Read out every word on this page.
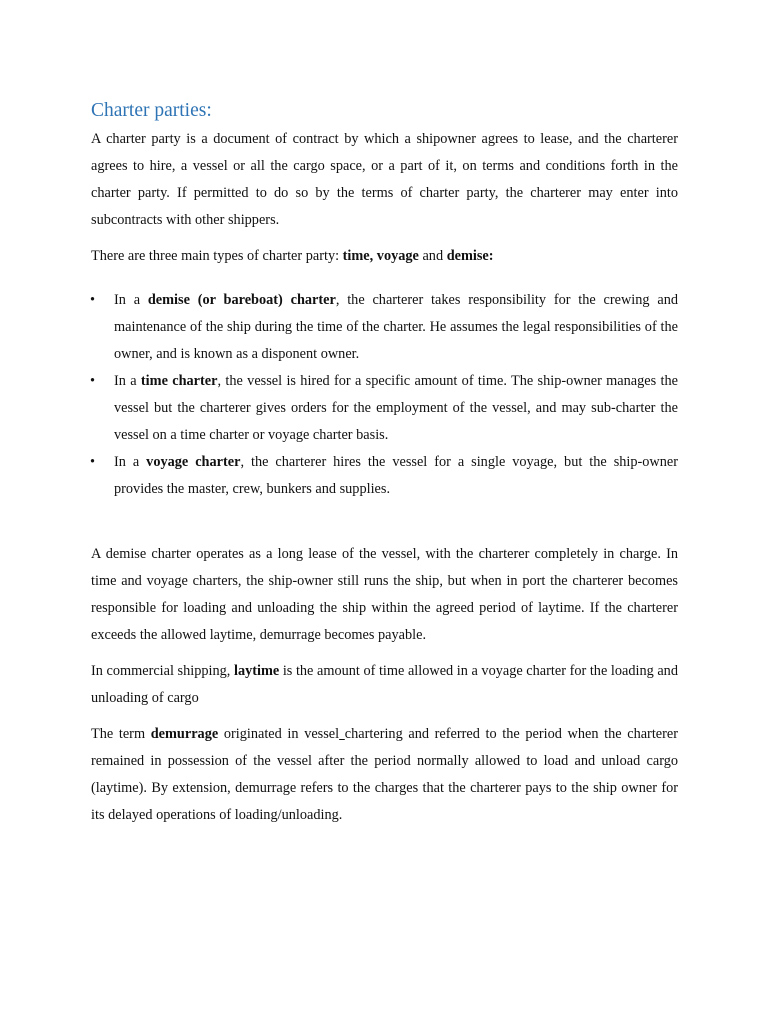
Charter parties:

A charter party is a document of contract by which a shipowner agrees to lease, and the charterer agrees to hire, a vessel or all the cargo space, or a part of it, on terms and conditions forth in the charter party. If permitted to do so by the terms of charter party, the charterer may enter into subcontracts with other shippers.

There are three main types of charter party: time, voyage and demise:

• In a demise (or bareboat) charter, the charterer takes responsibility for the crewing and maintenance of the ship during the time of the charter. He assumes the legal responsibilities of the owner, and is known as a disponent owner.
• In a time charter, the vessel is hired for a specific amount of time. The ship-owner manages the vessel but the charterer gives orders for the employment of the vessel, and may sub-charter the vessel on a time charter or voyage charter basis.
• In a voyage charter, the charterer hires the vessel for a single voyage, but the ship-owner provides the master, crew, bunkers and supplies.

A demise charter operates as a long lease of the vessel, with the charterer completely in charge. In time and voyage charters, the ship-owner still runs the ship, but when in port the charterer becomes responsible for loading and unloading the ship within the agreed period of laytime. If the charterer exceeds the allowed laytime, demurrage becomes payable.

In commercial shipping, laytime is the amount of time allowed in a voyage charter for the loading and unloading of cargo

The term demurrage originated in vessel chartering and referred to the period when the charterer remained in possession of the vessel after the period normally allowed to load and unload cargo (laytime). By extension, demurrage refers to the charges that the charterer pays to the ship owner for its delayed operations of loading/unloading.
